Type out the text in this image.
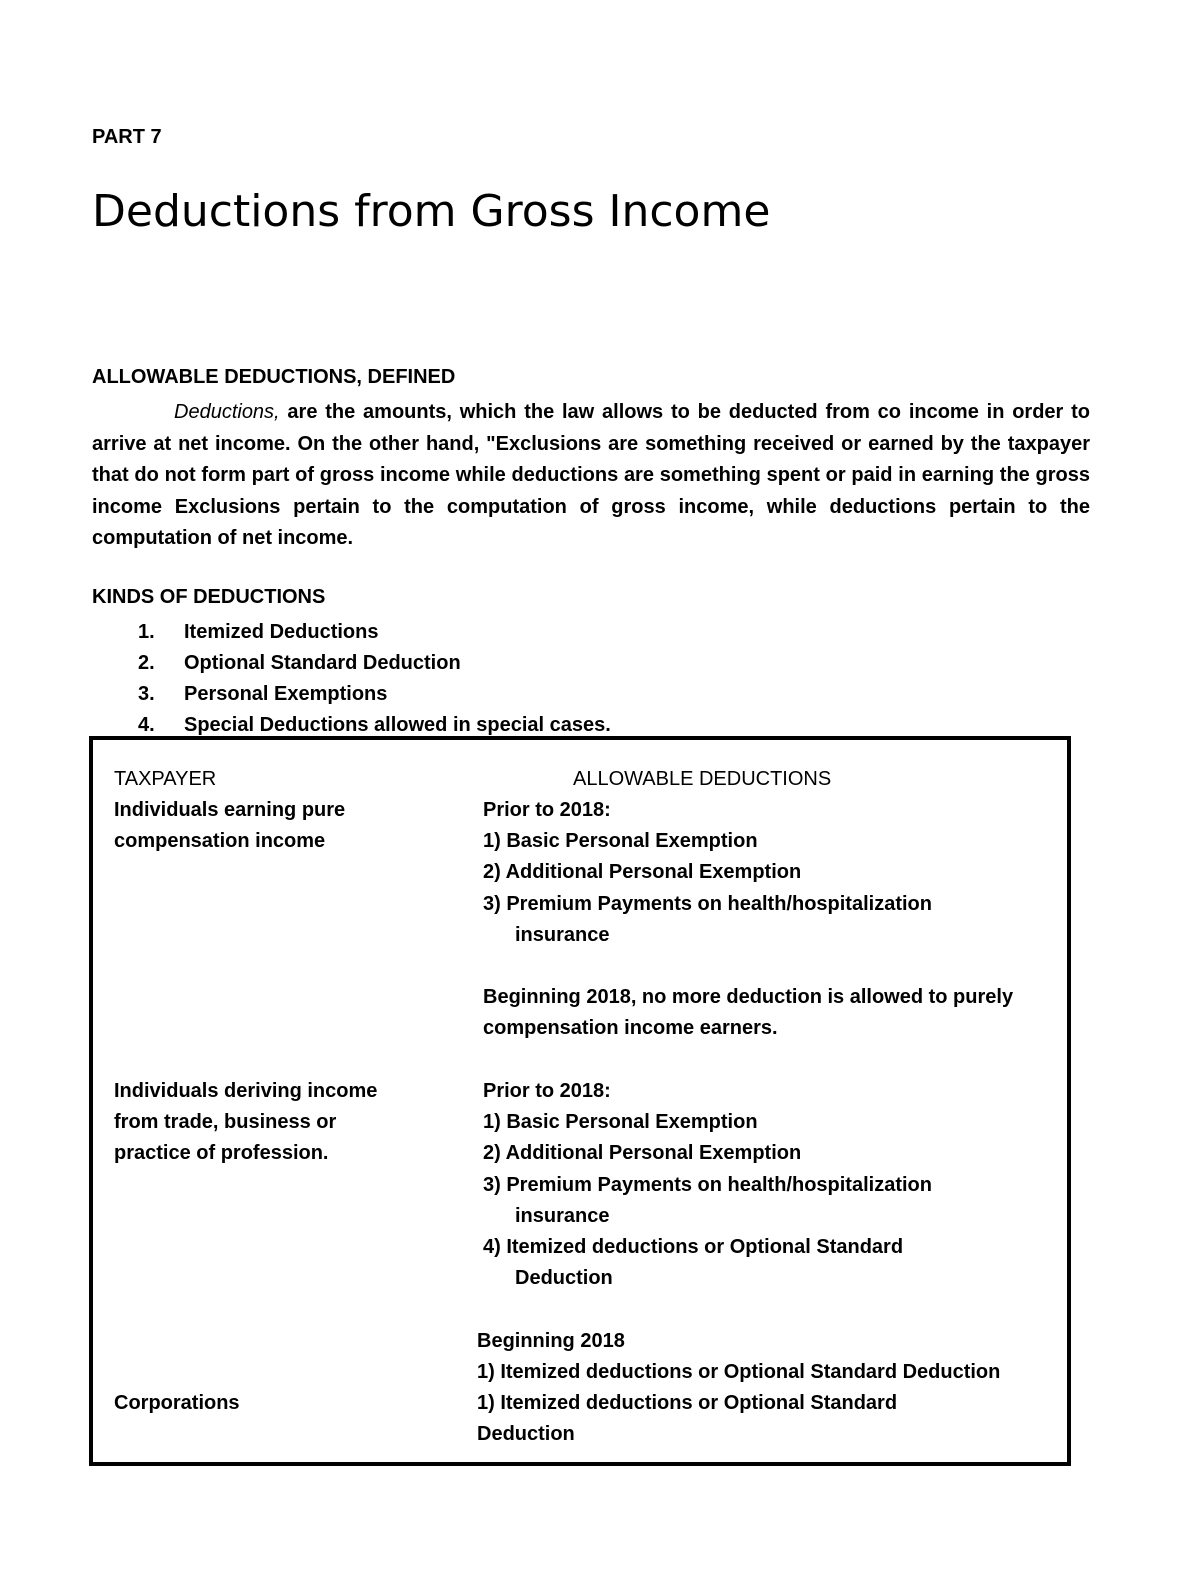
PART 7
Deductions from Gross Income
ALLOWABLE DEDUCTIONS, DEFINED
Deductions, are the amounts, which the law allows to be deducted from co income in order to arrive at net income. On the other hand, "Exclusions are something received or earned by the taxpayer that do not form part of gross income while deductions are something spent or paid in earning the gross income Exclusions pertain to the computation of gross income, while deductions pertain to the computation of net income.
KINDS OF DEDUCTIONS
1. Itemized Deductions
2. Optional Standard Deduction
3. Personal Exemptions
4. Special Deductions allowed in special cases.
TAXPAYER	ALLOWABLE DEDUCTIONS
Individuals earning pure
compensation income
Prior to 2018:
1) Basic Personal Exemption
2) Additional Personal Exemption
3) Premium Payments on health/hospitalization
insurance
Beginning 2018, no more deduction is allowed to purely
compensation income earners.
Individuals deriving income
from trade, business or
practice of profession.
Prior to 2018:
1) Basic Personal Exemption
2) Additional Personal Exemption
3) Premium Payments on health/hospitalization
insurance
4) Itemized deductions or Optional Standard
Deduction
Beginning 2018
1) Itemized deductions or Optional Standard Deduction
Corporations	1) Itemized deductions or Optional Standard
Deduction
